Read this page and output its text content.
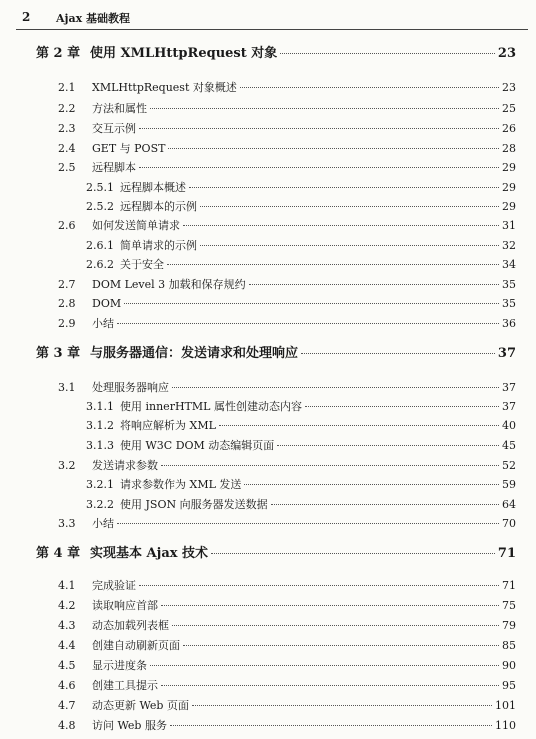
2 Ajax 基础教程
第 2 章 使用 XMLHttpRequest 对象	23
2.1	XMLHttpRequest 对象概述	23
2.2	方法和属性	25
2.3	交互示例	26
2.4	GET 与 POST	28
2.5	远程脚本	29
2.5.1 远程脚本概述	29
2.5.2 远程脚本的示例	29
2.6	如何发送简单请求	31
2.6.1 简单请求的示例	32
2.6.2 关于安全	34
2.7	DOM Level 3 加载和保存规约	35
2.8	DOM	35
2.9	小结	36
第 3 章 与服务器通信：发送请求和处理响应	37
3.1	处理服务器响应	37
3.1.1 使用 innerHTML 属性创建动态内容	37
3.1.2 将响应解析为 XML	40
3.1.3 使用 W3C DOM 动态编辑页面	45
3.2	发送请求参数	52
3.2.1 请求参数作为 XML 发送	59
3.2.2 使用 JSON 向服务器发送数据	64
3.3	小结	70
第 4 章 实现基本 Ajax 技术	71
4.1	完成验证	71
4.2	读取响应首部	75
4.3	动态加载列表框	79
4.4	创建自动刷新页面	85
4.5	显示进度条	90
4.6	创建工具提示	95
4.7	动态更新 Web 页面	101
4.8	访问 Web 服务	110
